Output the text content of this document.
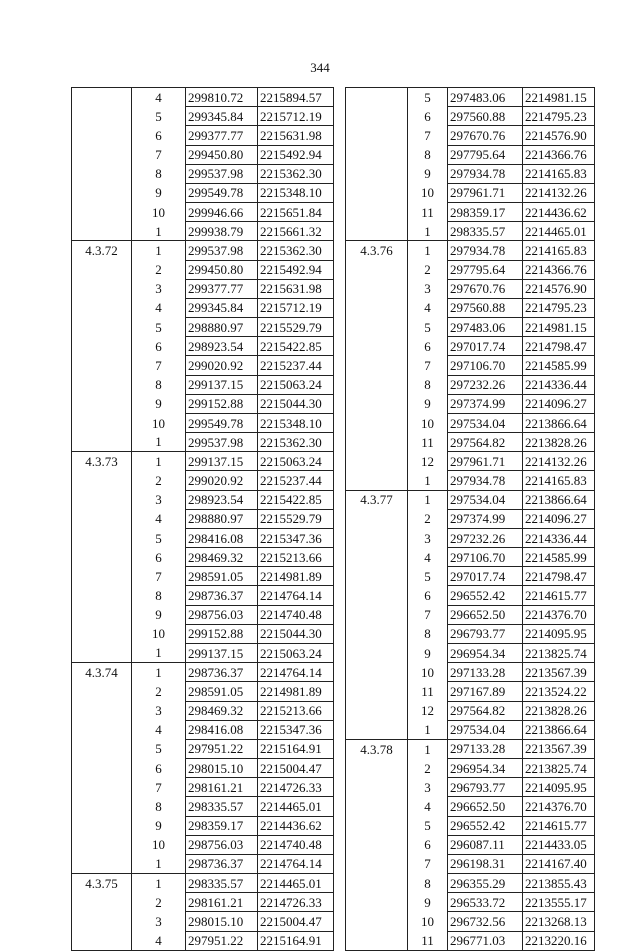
344
	4	299810.72	2215894.57
	5	299345.84	2215712.19
	6	299377.77	2215631.98
	7	299450.80	2215492.94
	8	299537.98	2215362.30
	9	299549.78	2215348.10
	10	299946.66	2215651.84
	1	299938.79	2215661.32
4.3.72	1	299537.98	2215362.30
	2	299450.80	2215492.94
	3	299377.77	2215631.98
	4	299345.84	2215712.19
	5	298880.97	2215529.79
	6	298923.54	2215422.85
	7	299020.92	2215237.44
	8	299137.15	2215063.24
	9	299152.88	2215044.30
	10	299549.78	2215348.10
	1	299537.98	2215362.30
4.3.73	1	299137.15	2215063.24
	2	299020.92	2215237.44
	3	298923.54	2215422.85
	4	298880.97	2215529.79
	5	298416.08	2215347.36
	6	298469.32	2215213.66
	7	298591.05	2214981.89
	8	298736.37	2214764.14
	9	298756.03	2214740.48
	10	299152.88	2215044.30
	1	299137.15	2215063.24
4.3.74	1	298736.37	2214764.14
	2	298591.05	2214981.89
	3	298469.32	2215213.66
	4	298416.08	2215347.36
	5	297951.22	2215164.91
	6	298015.10	2215004.47
	7	298161.21	2214726.33
	8	298335.57	2214465.01
	9	298359.17	2214436.62
	10	298756.03	2214740.48
	1	298736.37	2214764.14
4.3.75	1	298335.57	2214465.01
	2	298161.21	2214726.33
	3	298015.10	2215004.47
	4	297951.22	2215164.91
	5	297483.06	2214981.15
	6	297560.88	2214795.23
	7	297670.76	2214576.90
	8	297795.64	2214366.76
	9	297934.78	2214165.83
	10	297961.71	2214132.26
	11	298359.17	2214436.62
	1	298335.57	2214465.01
4.3.76	1	297934.78	2214165.83
	2	297795.64	2214366.76
	3	297670.76	2214576.90
	4	297560.88	2214795.23
	5	297483.06	2214981.15
	6	297017.74	2214798.47
	7	297106.70	2214585.99
	8	297232.26	2214336.44
	9	297374.99	2214096.27
	10	297534.04	2213866.64
	11	297564.82	2213828.26
	12	297961.71	2214132.26
	1	297934.78	2214165.83
4.3.77	1	297534.04	2213866.64
	2	297374.99	2214096.27
	3	297232.26	2214336.44
	4	297106.70	2214585.99
	5	297017.74	2214798.47
	6	296552.42	2214615.77
	7	296652.50	2214376.70
	8	296793.77	2214095.95
	9	296954.34	2213825.74
	10	297133.28	2213567.39
	11	297167.89	2213524.22
	12	297564.82	2213828.26
	1	297534.04	2213866.64
4.3.78	1	297133.28	2213567.39
	2	296954.34	2213825.74
	3	296793.77	2214095.95
	4	296652.50	2214376.70
	5	296552.42	2214615.77
	6	296087.11	2214433.05
	7	296198.31	2214167.40
	8	296355.29	2213855.43
	9	296533.72	2213555.17
	10	296732.56	2213268.13
	11	296771.03	2213220.16
